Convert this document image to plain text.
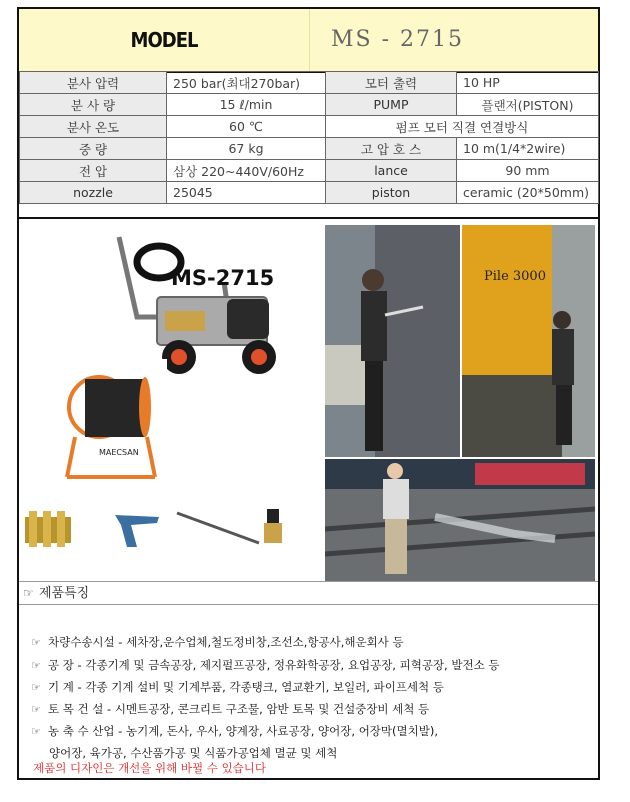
MODEL	MS - 2715
분사 압력	250 bar(최대270bar)	모터 출력	10 HP
분 사 량	15 ℓ/min	PUMP	플랜저(PISTON)
분사 온도	60 ℃	펌프 모터 직결 연결방식	
중 량	67 kg	고 압 호 스	10 m(1/4*2wire)
전 압	삼상 220~440V/60Hz	lance	90 mm
nozzle	25045	piston	ceramic (20*50mm)
MS-2715
MAECSAN
Pile 3000
☞ 제품특징
☞ 차량수송시설 - 세차장,운수업체,철도정비창,조선소,항공사,해운회사 등
☞ 공 장 - 각종기계 및 금속공장, 제지펄프공장, 정유화학공장, 요업공장, 피혁공장, 발전소 등
☞ 기 계 - 각종 기계 설비 및 기계부품, 각종탱크, 열교환기, 보일러, 파이프세척 등
☞ 토 목 건 설 - 시멘트공장, 콘크리트 구조물, 암반 토목 및 건설중장비 세척 등
☞ 농 축 수 산업 - 농기계, 돈사, 우사, 양계장, 사료공장, 양어장, 어장막(멸치발),
양어장, 육가공, 수산품가공 및 식품가공업체 멸균 및 세척
제품의 디자인은 개선을 위해 바뀔 수 있습니다
